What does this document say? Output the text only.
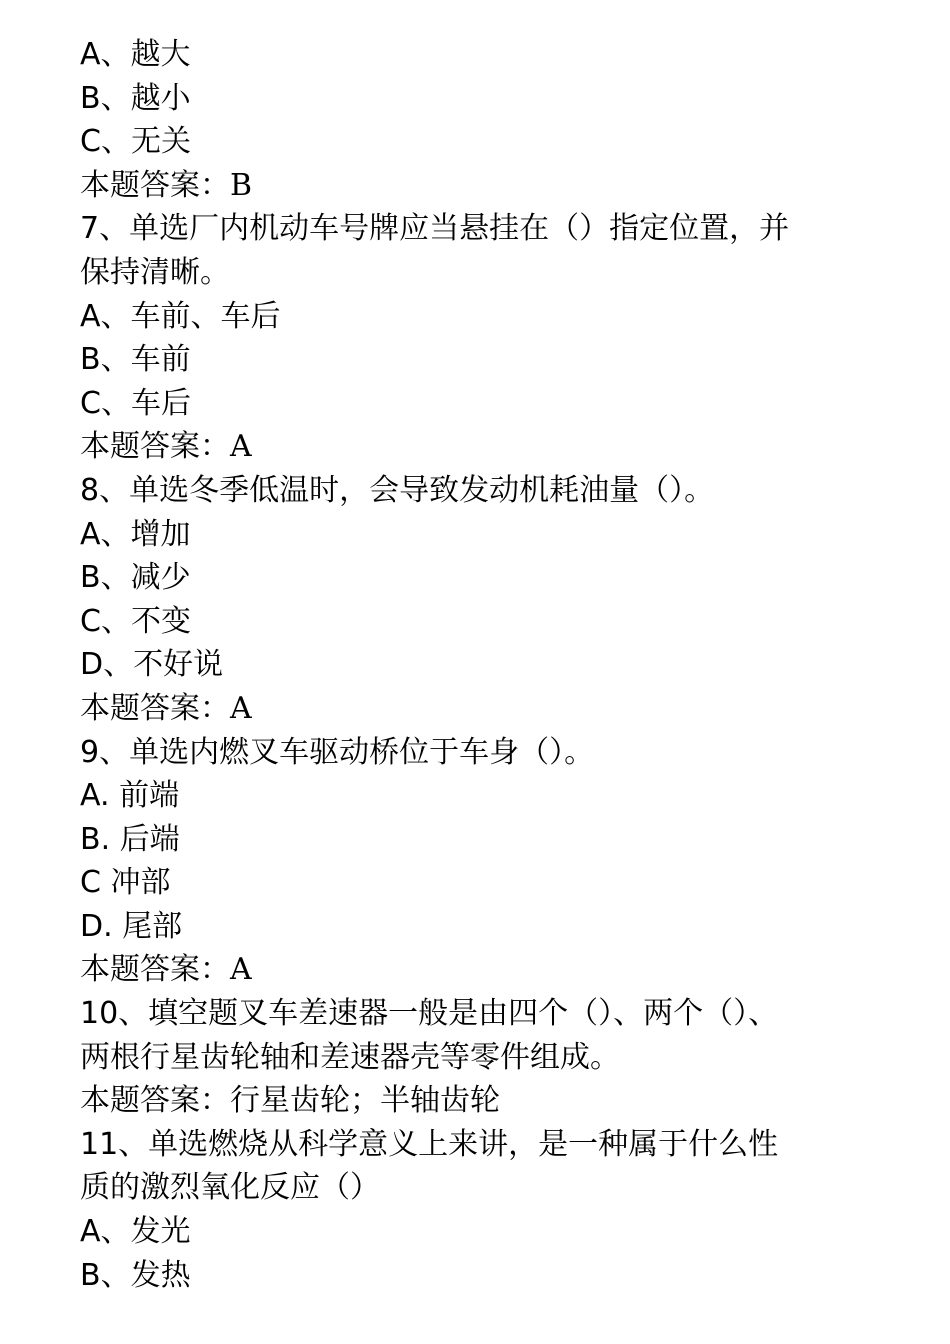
A、越大
B、越小
C、无关
本题答案：B
7、单选厂内机动车号牌应当悬挂在（）指定位置，并
保持清晰。
A、车前、车后
B、车前
C、车后
本题答案：A
8、单选冬季低温时，会导致发动机耗油量（）。
A、增加
B、减少
C、不变
D、不好说
本题答案：A
9、单选内燃叉车驱动桥位于车身（）。
A. 前端
B. 后端
C 冲部
D. 尾部
本题答案：A
10、填空题叉车差速器一般是由四个（）、两个（）、
两根行星齿轮轴和差速器壳等零件组成。
本题答案：行星齿轮；半轴齿轮
11、单选燃烧从科学意义上来讲，是一种属于什么性
质的激烈氧化反应（）
A、发光
B、发热
